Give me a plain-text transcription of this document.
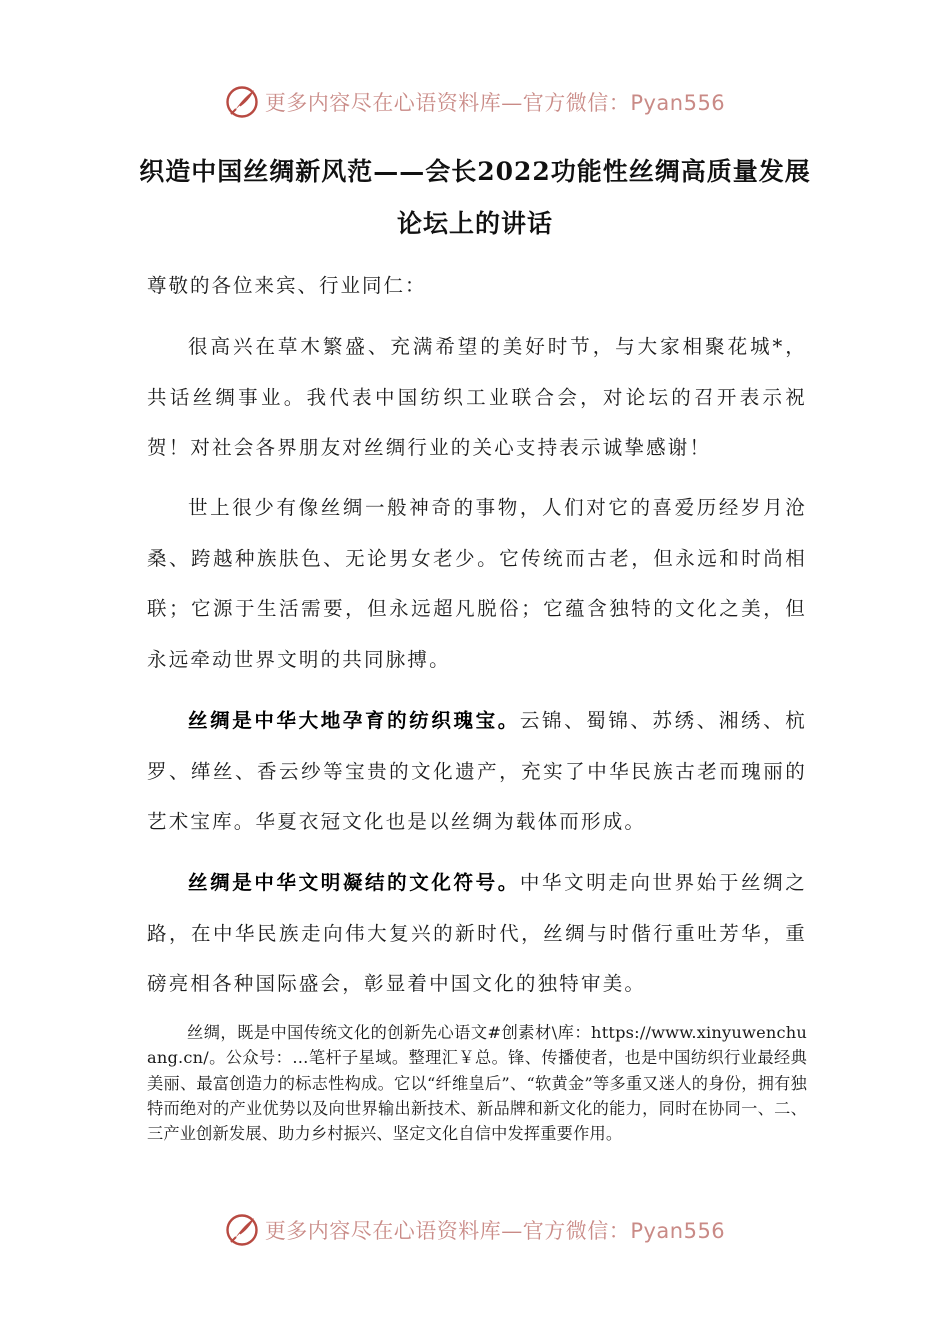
更多内容尽在心语资料库—官方微信：Pyan556
织造中国丝绸新风范——会长2022功能性丝绸高质量发展
论坛上的讲话
尊敬的各位来宾、行业同仁：

很高兴在草木繁盛、充满希望的美好时节，与大家相聚花城*，共话丝绸事业。我代表中国纺织工业联合会，对论坛的召开表示祝贺！对社会各界朋友对丝绸行业的关心支持表示诚挚感谢！

世上很少有像丝绸一般神奇的事物，人们对它的喜爱历经岁月沧桑、跨越种族肤色、无论男女老少。它传统而古老，但永远和时尚相联；它源于生活需要，但永远超凡脱俗；它蕴含独特的文化之美，但永远牵动世界文明的共同脉搏。

丝绸是中华大地孕育的纺织瑰宝。云锦、蜀锦、苏绣、湘绣、杭罗、缂丝、香云纱等宝贵的文化遗产，充实了中华民族古老而瑰丽的艺术宝库。华夏衣冠文化也是以丝绸为载体而形成。

丝绸是中华文明凝结的文化符号。中华文明走向世界始于丝绸之路，在中华民族走向伟大复兴的新时代，丝绸与时偕行重吐芳华，重磅亮相各种国际盛会，彰显着中国文化的独特审美。

丝绸，既是中国传统文化的创新先心语文#创素材\库：https://www.xinyuwenchuang.cn/。公众号：…笔杆子星域。整理汇￥总。锋、传播使者，也是中国纺织行业最经典美丽、最富创造力的标志性构成。它以“纤维皇后”、“软黄金”等多重又迷人的身份，拥有独特而绝对的产业优势以及向世界输出新技术、新品牌和新文化的能力，同时在协同一、二、三产业创新发展、助力乡村振兴、坚定文化自信中发挥重要作用。

更多内容尽在心语资料库—官方微信：Pyan556
